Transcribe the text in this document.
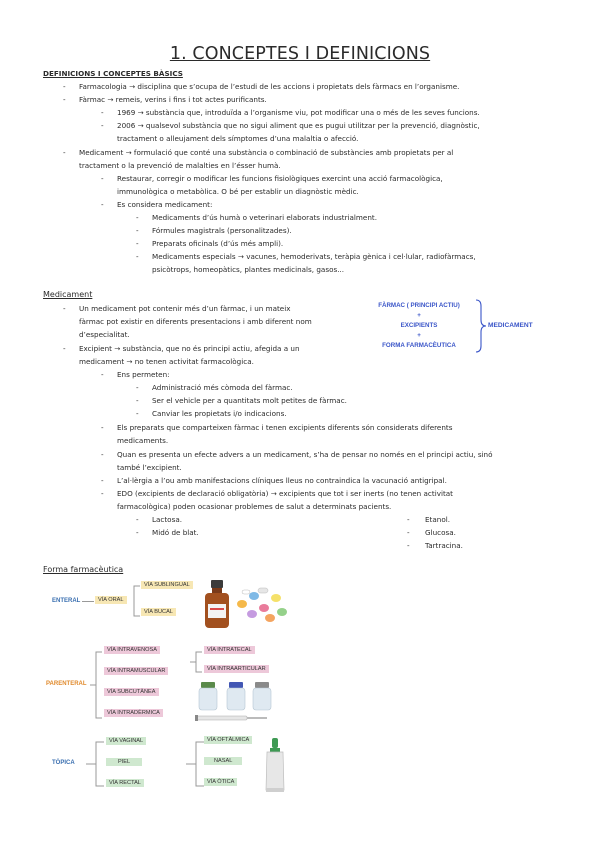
1. CONCEPTES I DEFINICIONS
DEFINICIONS I CONCEPTES BÀSICS
- Farmacologia → disciplina que s’ocupa de l’estudi de les accions i propietats dels fàrmacs en l’organisme.
- Fàrmac → remeis, verins i fins i tot actes purificants.
- 1969 → substància que, introduïda a l’organisme viu, pot modificar una o més de les seves funcions.
- 2006 → qualsevol substància que no sigui aliment que es pugui utilitzar per la prevenció, diagnòstic,
tractament o alleujament dels símptomes d’una malaltia o afecció.
- Medicament → formulació que conté una substància o combinació de substàncies amb propietats per al
tractament o la prevenció de malalties en l’ésser humà.
- Restaurar, corregir o modificar les funcions fisiològiques exercint una acció farmacològica,
immunològica o metabòlica. O bé per establir un diagnòstic mèdic.
- Es considera medicament:
- Medicaments d’ús humà o veterinari elaborats industrialment.
- Fórmules magistrals (personalitzades).
- Preparats oficinals (d’ús més ampli).
- Medicaments especials → vacunes, hemoderivats, teràpia gènica i cel·lular, radiofàrmacs,
psicòtrops, homeopàtics, plantes medicinals, gasos...
Medicament
- Un medicament pot contenir més d’un fàrmac, i un mateix
fàrmac pot existir en diferents presentacions i amb diferent nom
d’especialitat.
- Excipient → substància, que no és principi actiu, afegida a un
medicament → no tenen activitat farmacològica.
- Ens permeten:
- Administració més còmoda del fàrmac.
- Ser el vehicle per a quantitats molt petites de fàrmac.
- Canviar les propietats i/o indicacions.
- Els preparats que comparteixen fàrmac i tenen excipients diferents són considerats diferents
medicaments.
- Quan es presenta un efecte advers a un medicament, s’ha de pensar no només en el principi actiu, sinó
també l’excipient.
- L’al·lèrgia a l’ou amb manifestacions clíniques lleus no contraindica la vacunació antigripal.
- EDO (excipients de declaració obligatòria) → excipients que tot i ser inerts (no tenen activitat
farmacològica) poden ocasionar problemes de salut a determinats pacients.
- Lactosa.
- Midó de blat.
- Etanol.
- Glucosa.
- Tartracina.
FÀRMAC ( PRINCIPI ACTIU)
+
EXCIPIENTS
+
FORMA FARMACÈUTICA
MEDICAMENT
Forma farmacèutica
ENTERAL	VÍA ORAL
VÍA SUBLINGUAL
VÍA BUCAL
PARENTERAL
VÍA INTRAVENOSA
VÍA INTRAMUSCULAR
VÍA SUBCUTÀNEA
VÍA INTRADÈRMICA
VÍA INTRATECAL
VÍA INTRAARTICULAR
TÒPICA
VÍA VAGINAL
PIEL
VÍA RECTAL
VÍA OFTÀLMICA
NASAL
VÍA ÒTICA
